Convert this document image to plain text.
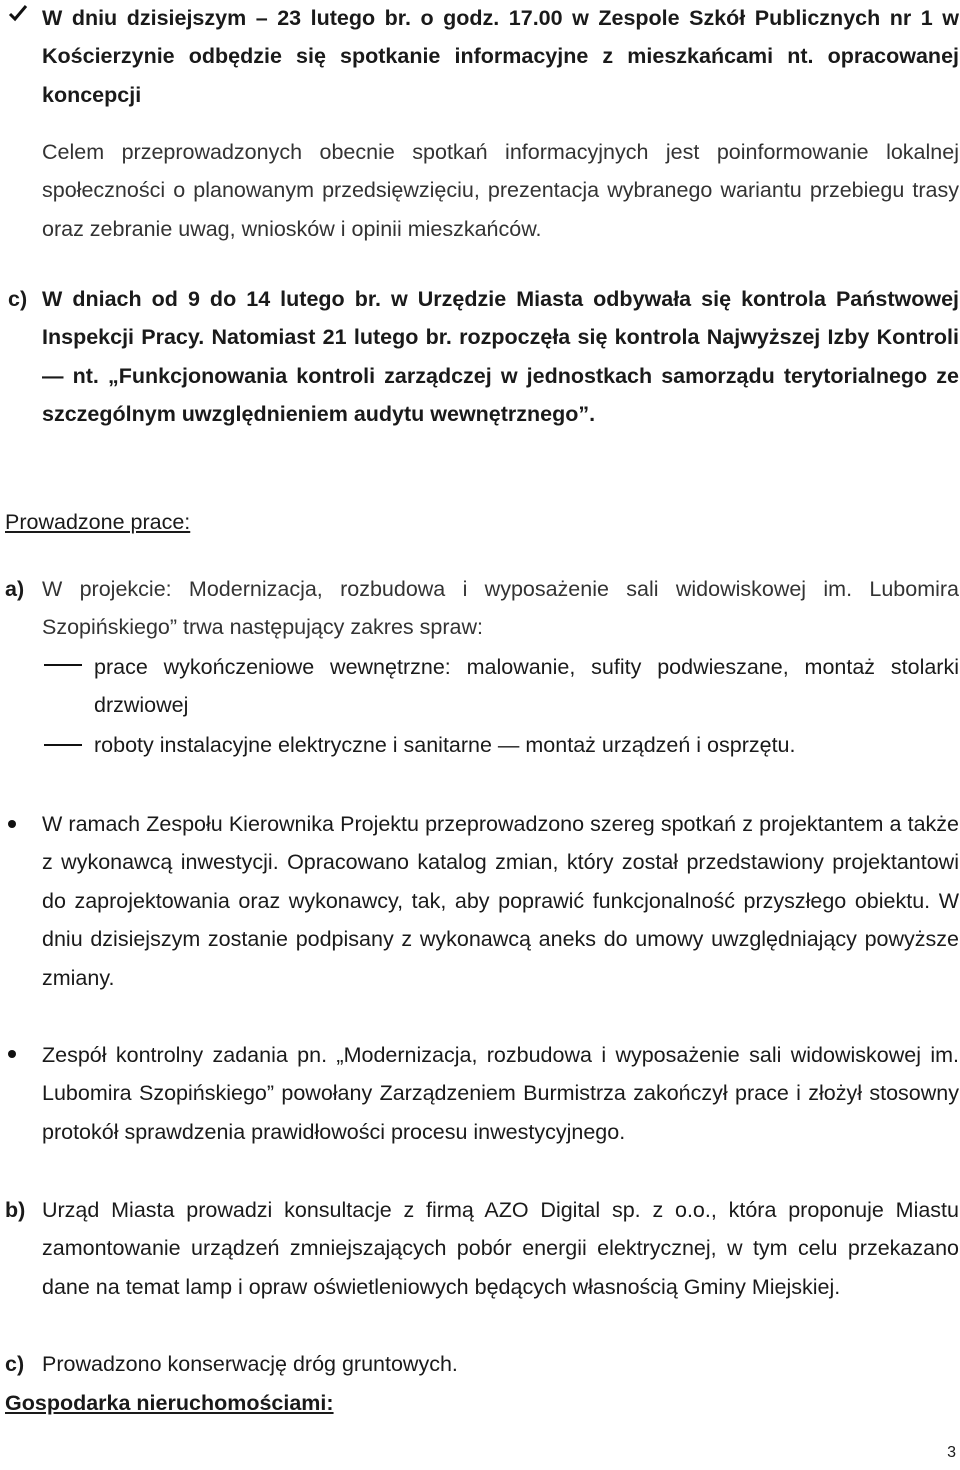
W dniu dzisiejszym – 23 lutego br. o godz. 17.00 w Zespole Szkół Publicznych nr 1 w Kościerzynie odbędzie się spotkanie informacyjne z mieszkańcami nt. opracowanej koncepcji

Celem przeprowadzonych obecnie spotkań informacyjnych jest poinformowanie lokalnej społeczności o planowanym przedsięwzięciu, prezentacja wybranego wariantu przebiegu trasy oraz zebranie uwag, wniosków i opinii mieszkańców.

c) W dniach od 9 do 14 lutego br. w Urzędzie Miasta odbywała się kontrola Państwowej Inspekcji Pracy. Natomiast 21 lutego br. rozpoczęła się kontrola Najwyższej Izby Kontroli — nt. „Funkcjonowania kontroli zarządczej w jednostkach samorządu terytorialnego ze szczególnym uwzględnieniem audytu wewnętrznego”.

Prowadzone prace:

a) W projekcie: Modernizacja, rozbudowa i wyposażenie sali widowiskowej im. Lubomira Szopińskiego” trwa następujący zakres spraw:

prace wykończeniowe wewnętrzne: malowanie, sufity podwieszane, montaż stolarki drzwiowej

roboty instalacyjne elektryczne i sanitarne — montaż urządzeń i osprzętu.

W ramach Zespołu Kierownika Projektu przeprowadzono szereg spotkań z projektantem a także z wykonawcą inwestycji. Opracowano katalog zmian, który został przedstawiony projektantowi do zaprojektowania oraz wykonawcy, tak, aby poprawić funkcjonalność przyszłego obiektu. W dniu dzisiejszym zostanie podpisany z wykonawcą aneks do umowy uwzględniający powyższe zmiany.

Zespół kontrolny zadania pn. „Modernizacja, rozbudowa i wyposażenie sali widowiskowej im. Lubomira Szopińskiego” powołany Zarządzeniem Burmistrza zakończył prace i złożył stosowny protokół sprawdzenia prawidłowości procesu inwestycyjnego.

b) Urząd Miasta prowadzi konsultacje z firmą AZO Digital sp. z o.o., która proponuje Miastu zamontowanie urządzeń zmniejszających pobór energii elektrycznej, w tym celu przekazano dane na temat lamp i opraw oświetleniowych będących własnością Gminy Miejskiej.

c) Prowadzono konserwację dróg gruntowych.

Gospodarka nieruchomościami:

3
